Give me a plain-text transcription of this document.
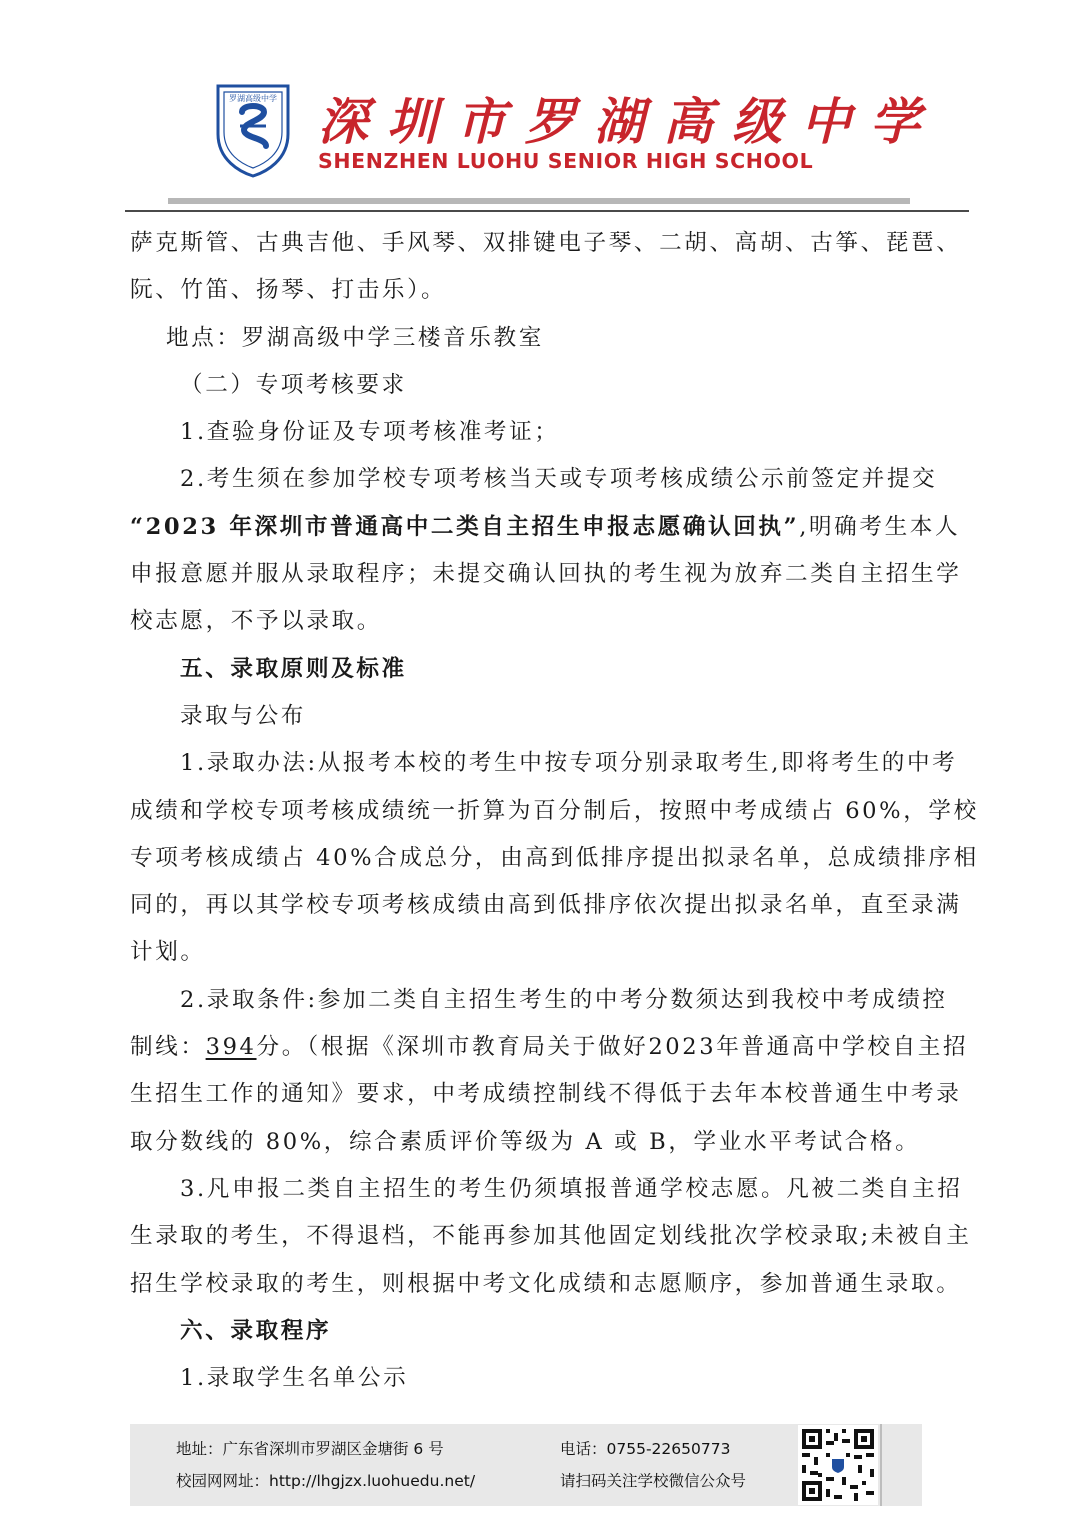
罗湖高级中学 深圳市罗湖高级中学
SHENZHEN LUOHU SENIOR HIGH SCHOOL

萨克斯管、古典吉他、手风琴、双排键电子琴、二胡、高胡、古筝、琵琶、

阮、竹笛、扬琴、打击乐）。

地点：罗湖高级中学三楼音乐教室

（二）专项考核要求

1.查验身份证及专项考核准考证；

2.考生须在参加学校专项考核当天或专项考核成绩公示前签定并提交

“2023 年深圳市普通高中二类自主招生申报志愿确认回执”,明确考生本人

申报意愿并服从录取程序；未提交确认回执的考生视为放弃二类自主招生学

校志愿，不予以录取。

五、录取原则及标准

录取与公布

1.录取办法:从报考本校的考生中按专项分别录取考生,即将考生的中考

成绩和学校专项考核成绩统一折算为百分制后，按照中考成绩占 60%，学校

专项考核成绩占 40%合成总分，由高到低排序提出拟录名单，总成绩排序相

同的，再以其学校专项考核成绩由高到低排序依次提出拟录名单，直至录满

计划。

2.录取条件:参加二类自主招生考生的中考分数须达到我校中考成绩控

制线：394分。（根据《深圳市教育局关于做好2023年普通高中学校自主招

生招生工作的通知》要求，中考成绩控制线不得低于去年本校普通生中考录

取分数线的 80%，综合素质评价等级为 A 或 B，学业水平考试合格。

3.凡申报二类自主招生的考生仍须填报普通学校志愿。凡被二类自主招

生录取的考生，不得退档，不能再参加其他固定划线批次学校录取;未被自主

招生学校录取的考生，则根据中考文化成绩和志愿顺序，参加普通生录取。

六、录取程序

1.录取学生名单公示

地址：广东省深圳市罗湖区金塘街 6 号	电话：0755-22650773
校园网网址：http://lhgjzx.luohuedu.net/	请扫码关注学校微信公众号
